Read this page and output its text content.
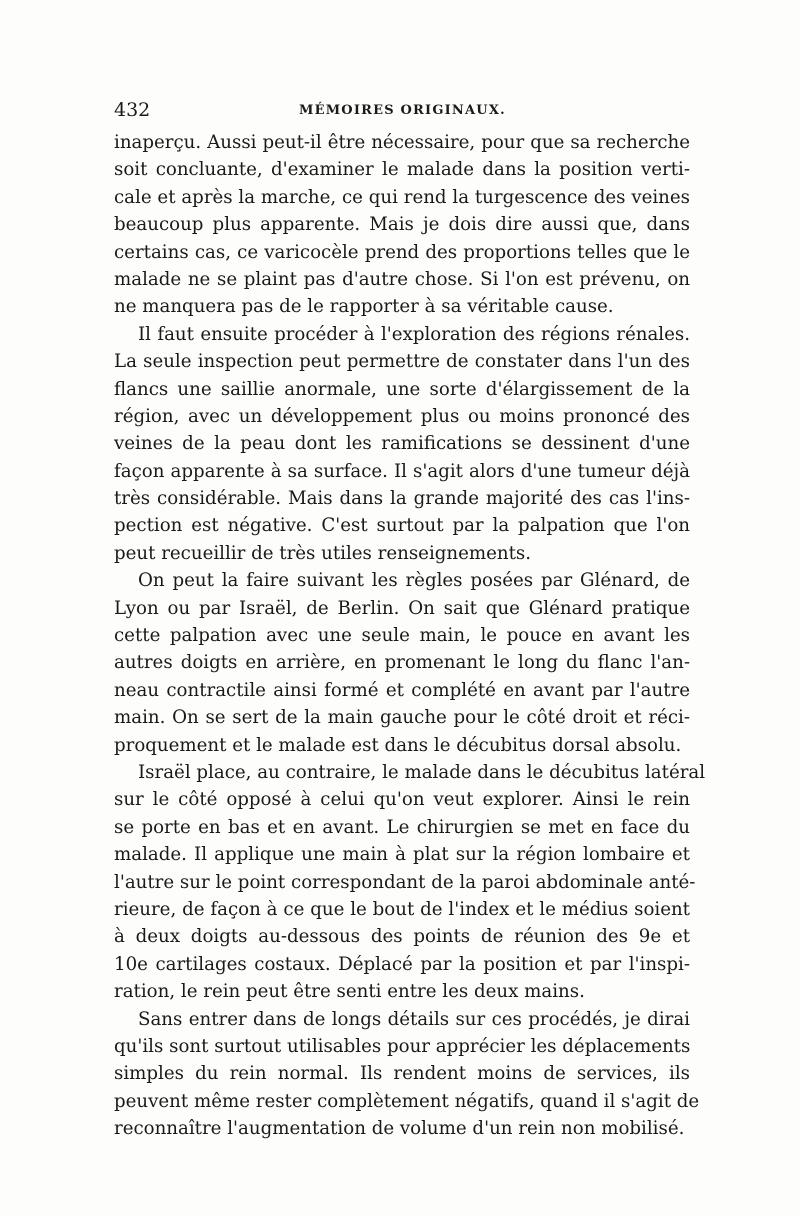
432	MÉMOIRES ORIGINAUX.
inaperçu. Aussi peut-il être nécessaire, pour que sa recherche
soit concluante, d'examiner le malade dans la position verti-
cale et après la marche, ce qui rend la turgescence des veines
beaucoup plus apparente. Mais je dois dire aussi que, dans
certains cas, ce varicocèle prend des proportions telles que le
malade ne se plaint pas d'autre chose. Si l'on est prévenu, on
ne manquera pas de le rapporter à sa véritable cause.
Il faut ensuite procéder à l'exploration des régions rénales.
La seule inspection peut permettre de constater dans l'un des
flancs une saillie anormale, une sorte d'élargissement de la
région, avec un développement plus ou moins prononcé des
veines de la peau dont les ramifications se dessinent d'une
façon apparente à sa surface. Il s'agit alors d'une tumeur déjà
très considérable. Mais dans la grande majorité des cas l'ins-
pection est négative. C'est surtout par la palpation que l'on
peut recueillir de très utiles renseignements.
On peut la faire suivant les règles posées par Glénard, de
Lyon ou par Israël, de Berlin. On sait que Glénard pratique
cette palpation avec une seule main, le pouce en avant les
autres doigts en arrière, en promenant le long du flanc l'an-
neau contractile ainsi formé et complété en avant par l'autre
main. On se sert de la main gauche pour le côté droit et réci-
proquement et le malade est dans le décubitus dorsal absolu.
Israël place, au contraire, le malade dans le décubitus latéral
sur le côté opposé à celui qu'on veut explorer. Ainsi le rein
se porte en bas et en avant. Le chirurgien se met en face du
malade. Il applique une main à plat sur la région lombaire et
l'autre sur le point correspondant de la paroi abdominale anté-
rieure, de façon à ce que le bout de l'index et le médius soient
à deux doigts au-dessous des points de réunion des 9e et
10e cartilages costaux. Déplacé par la position et par l'inspi-
ration, le rein peut être senti entre les deux mains.
Sans entrer dans de longs détails sur ces procédés, je dirai
qu'ils sont surtout utilisables pour apprécier les déplacements
simples du rein normal. Ils rendent moins de services, ils
peuvent même rester complètement négatifs, quand il s'agit de
reconnaître l'augmentation de volume d'un rein non mobilisé.
